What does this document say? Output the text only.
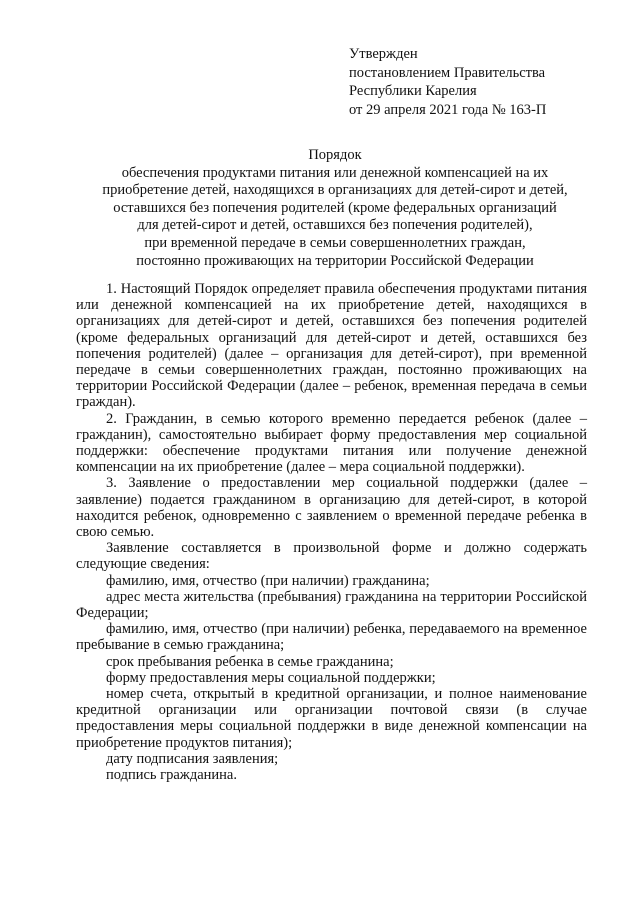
Утвержден
постановлением Правительства
Республики Карелия
от 29 апреля 2021 года № 163-П
Порядок
обеспечения продуктами питания или денежной компенсацией на их
приобретение детей, находящихся в организациях для детей-сирот и детей,
оставшихся без попечения родителей (кроме федеральных организаций
для детей-сирот и детей, оставшихся без попечения родителей),
при временной передаче в семьи совершеннолетних граждан,
постоянно проживающих на территории Российской Федерации

1. Настоящий Порядок определяет правила обеспечения продуктами питания или денежной компенсацией на их приобретение детей, находящихся в организациях для детей-сирот и детей, оставшихся без попечения родителей (кроме федеральных организаций для детей-сирот и детей, оставшихся без попечения родителей) (далее – организация для детей-сирот), при временной передаче в семьи совершеннолетних граждан, постоянно проживающих на территории Российской Федерации (далее – ребенок, временная передача в семьи граждан).

2. Гражданин, в семью которого временно передается ребенок (далее – гражданин), самостоятельно выбирает форму предоставления мер социальной поддержки: обеспечение продуктами питания или получение денежной компенсации на их приобретение (далее – мера социальной поддержки).

3. Заявление о предоставлении мер социальной поддержки (далее – заявление) подается гражданином в организацию для детей-сирот, в которой находится ребенок, одновременно с заявлением о временной передаче ребенка в свою семью.

Заявление составляется в произвольной форме и должно содержать следующие сведения:

фамилию, имя, отчество (при наличии) гражданина;

адрес места жительства (пребывания) гражданина на территории Российской Федерации;

фамилию, имя, отчество (при наличии) ребенка, передаваемого на временное пребывание в семью гражданина;

срок пребывания ребенка в семье гражданина;

форму предоставления меры социальной поддержки;

номер счета, открытый в кредитной организации, и полное наименование кредитной организации или организации почтовой связи (в случае предоставления меры социальной поддержки в виде денежной компенсации на приобретение продуктов питания);

дату подписания заявления;

подпись гражданина.
